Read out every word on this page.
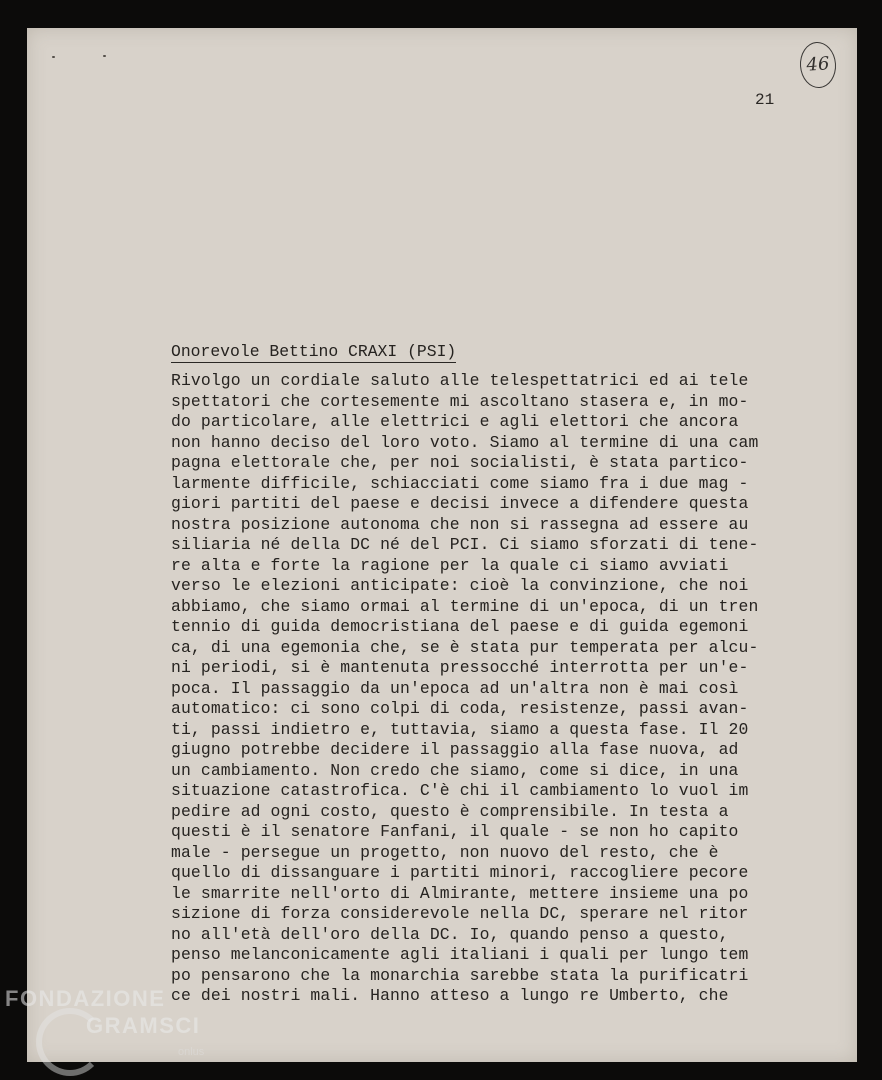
46
21
Onorevole Bettino CRAXI (PSI)
Rivolgo un cordiale saluto alle telespettatrici ed ai tele
spettatori che cortesemente mi ascoltano stasera e, in mo-
do particolare, alle elettrici e agli elettori che ancora
non hanno deciso del loro voto. Siamo al termine di una cam
pagna elettorale che, per noi socialisti, è stata partico-
larmente difficile, schiacciati come siamo fra i due mag -
giori partiti del paese e decisi invece a difendere questa
nostra posizione autonoma che non si rassegna ad essere au
siliaria né della DC né del PCI. Ci siamo sforzati di tene-
re alta e forte la ragione per la quale ci siamo avviati
verso le elezioni anticipate: cioè la convinzione, che noi
abbiamo, che siamo ormai al termine di un'epoca, di un tren
tennio di guida democristiana del paese e di guida egemoni
ca, di una egemonia che, se è stata pur temperata per alcu-
ni periodi, si è mantenuta pressocché interrotta per un'e-
poca. Il passaggio da un'epoca ad un'altra non è mai così
automatico: ci sono colpi di coda, resistenze, passi avan-
ti, passi indietro e, tuttavia, siamo a questa fase. Il 20
giugno potrebbe decidere il passaggio alla fase nuova, ad
un cambiamento. Non credo che siamo, come si dice, in una
situazione catastrofica. C'è chi il cambiamento lo vuol im
pedire ad ogni costo, questo è comprensibile. In testa a
questi è il senatore Fanfani, il quale - se non ho capito
male - persegue un progetto, non nuovo del resto, che è
quello di dissanguare i partiti minori, raccogliere pecore
le smarrite nell'orto di Almirante, mettere insieme una po
sizione di forza considerevole nella DC, sperare nel ritor
no all'età dell'oro della DC. Io, quando penso a questo,
penso melanconicamente agli italiani i quali per lungo tem
po pensarono che la monarchia sarebbe stata la purificatri
ce dei nostri mali. Hanno atteso a lungo re Umberto, che
FONDAZIONE
GRAMSCI
onlus
